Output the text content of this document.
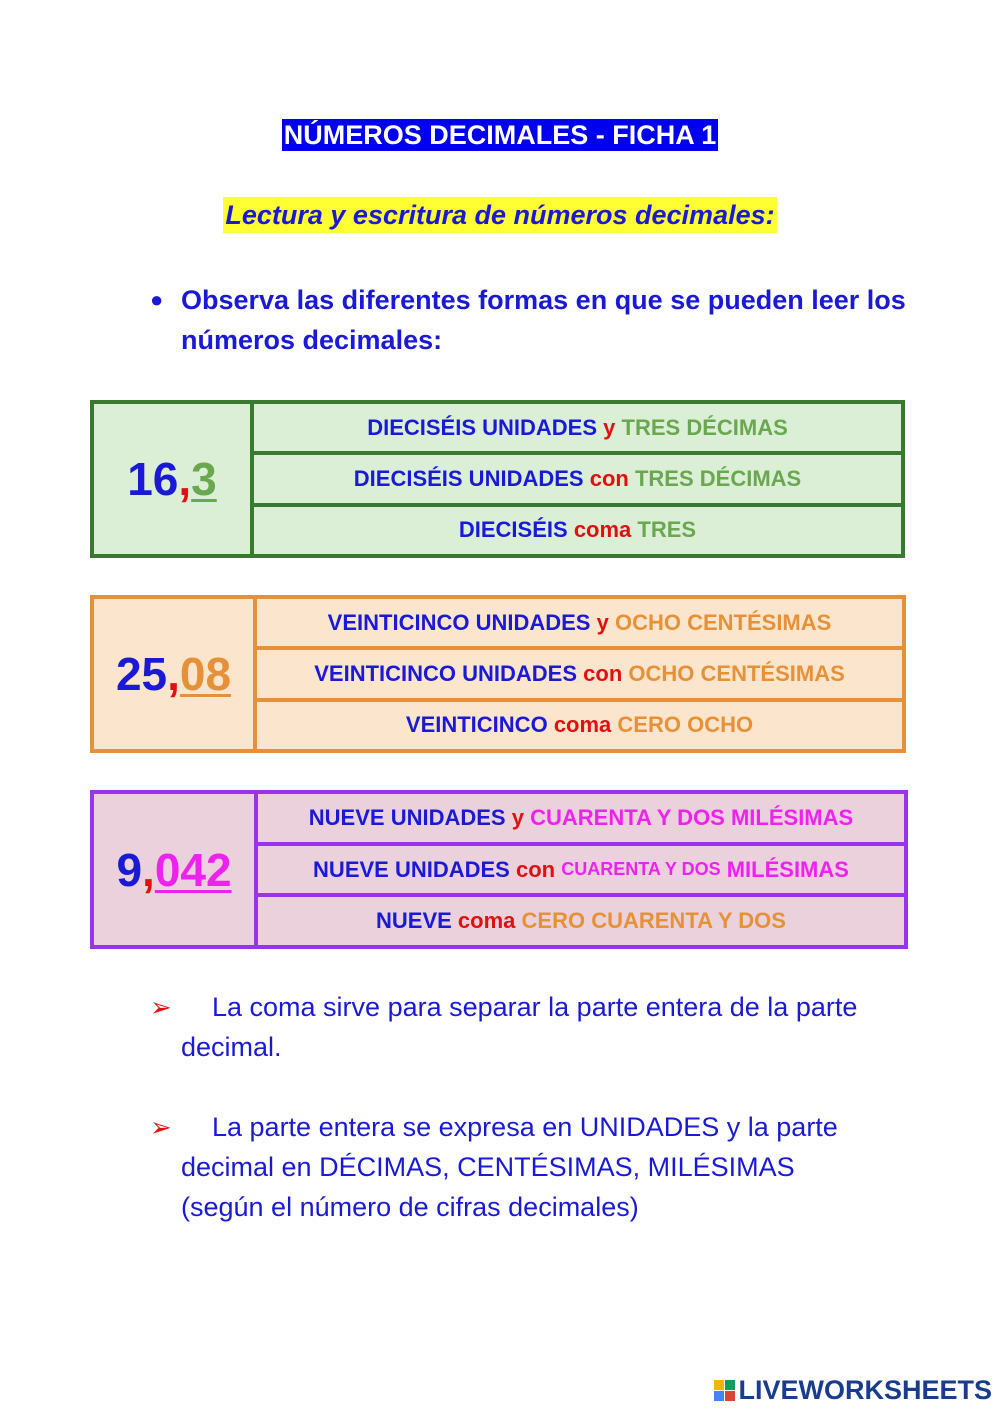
NÚMEROS DECIMALES - FICHA 1
Lectura y escritura de números decimales:
● Observa las diferentes formas en que se pueden leer los números decimales:
16 , 3
DIECISÉIS UNIDADES
y
TRES DÉCIMAS
DIECISÉIS UNIDADES
con
TRES DÉCIMAS
DIECISÉIS
coma
TRES
25 , 08
VEINTICINCO UNIDADES
y
OCHO CENTÉSIMAS
VEINTICINCO UNIDADES
con
OCHO CENTÉSIMAS
VEINTICINCO
coma
CERO OCHO
9 , 042
NUEVE UNIDADES
y
CUARENTA Y DOS MILÉSIMAS
NUEVE UNIDADES
con
CUARENTA Y DOS
MILÉSIMAS
NUEVE
coma
CERO CUARENTA Y DOS
➢	La coma sirve para separar la parte entera de la parte decimal.
➢	La parte entera se expresa en UNIDADES y la parte decimal en DÉCIMAS, CENTÉSIMAS, MILÉSIMAS (según el número de cifras decimales)
LIVEWORKSHEETS
